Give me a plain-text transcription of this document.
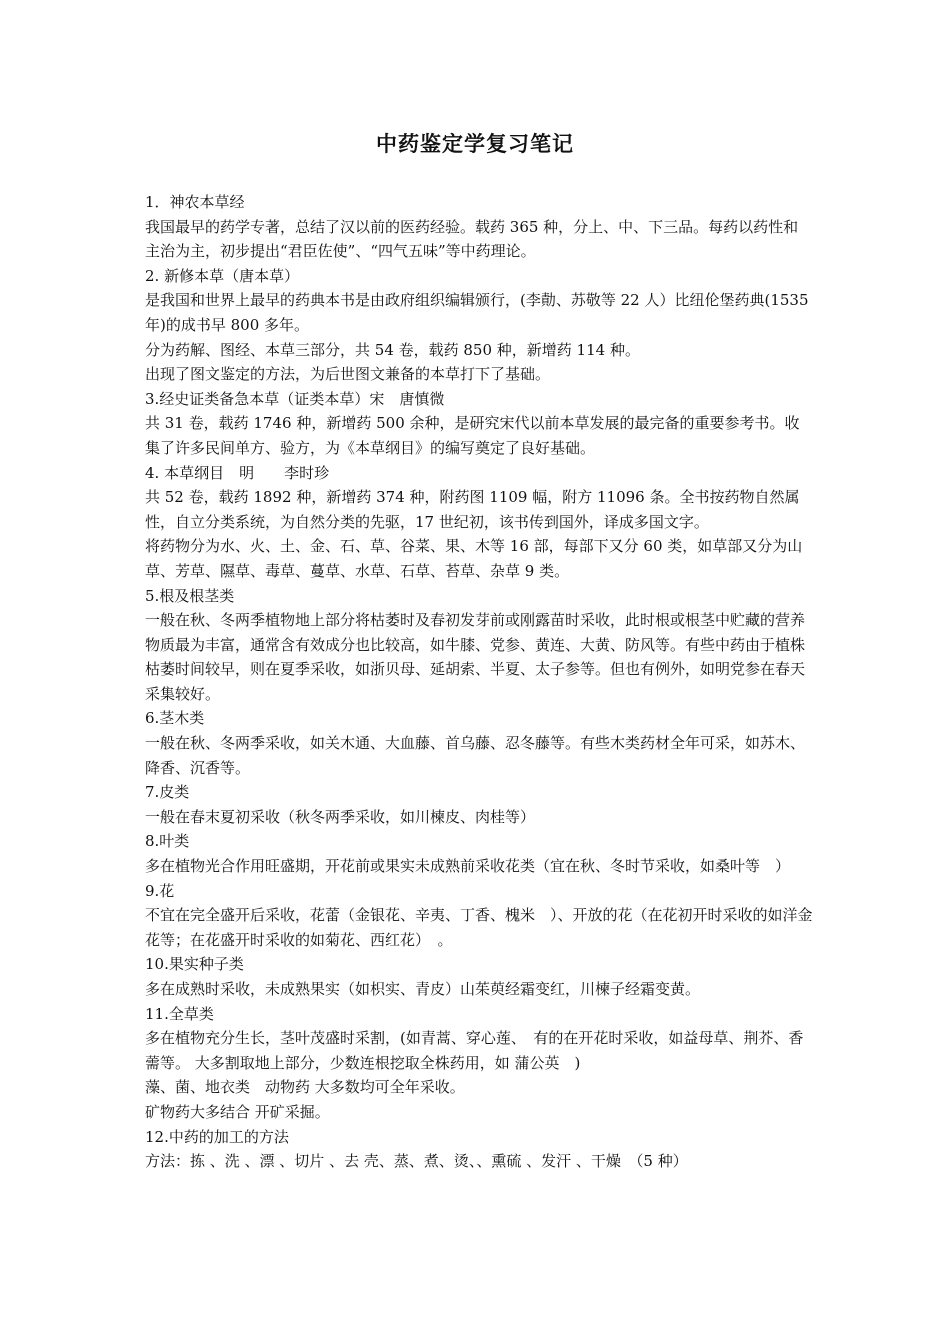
中药鉴定学复习笔记

1．神农本草经

我国最早的药学专著，总结了汉以前的医药经验。载药 365 种，分上、中、下三品。每药以药性和主治为主，初步提出“君臣佐使”、“四气五味”等中药理论。

2. 新修本草（唐本草）

是我国和世界上最早的药典本书是由政府组织编辑颁行，(李勣、苏敬等 22 人）比纽伦堡药典(1535 年)的成书早 800 多年。

分为药解、图经、本草三部分，共 54 卷，载药 850 种，新增药 114 种。

出现了图文鉴定的方法，为后世图文兼备的本草打下了基础。

3.经史证类备急本草（证类本草）宋　唐慎微

共 31 卷，载药 1746 种，新增药 500 余种，是研究宋代以前本草发展的最完备的重要参考书。收集了许多民间单方、验方，为《本草纲目》的编写奠定了良好基础。

4. 本草纲目　明　　李时珍

共 52 卷，载药 1892 种，新增药 374 种，附药图 1109 幅，附方 11096 条。全书按药物自然属性，自立分类系统，为自然分类的先驱，17 世纪初，该书传到国外，译成多国文字。

将药物分为水、火、土、金、石、草、谷菜、果、木等 16 部，每部下又分 60 类，如草部又分为山草、芳草、隰草、毒草、蔓草、水草、石草、苔草、杂草 9 类。

5.根及根茎类

一般在秋、冬两季植物地上部分将枯萎时及春初发芽前或刚露苗时采收，此时根或根茎中贮藏的营养物质最为丰富，通常含有效成分也比较高，如牛膝、党参、黄连、大黄、防风等。有些中药由于植株枯萎时间较早，则在夏季采收，如浙贝母、延胡索、半夏、太子参等。但也有例外，如明党参在春天采集较好。

6.茎木类

一般在秋、冬两季采收，如关木通、大血藤、首乌藤、忍冬藤等。有些木类药材全年可采，如苏木、降香、沉香等。

7.皮类

一般在春末夏初采收（秋冬两季采收，如川楝皮、肉桂等）

8.叶类

多在植物光合作用旺盛期，开花前或果实未成熟前采收花类（宜在秋、冬时节采收，如桑叶等　）

9.花

不宜在完全盛开后采收，花蕾（金银花、辛夷、丁香、槐米　）、开放的花（在花初开时采收的如洋金花等；在花盛开时采收的如菊花、西红花）　。

10.果实种子类

多在成熟时采收，未成熟果实（如枳实、青皮）山茱萸经霜变红，川楝子经霜变黄。

11.全草类

多在植物充分生长，茎叶茂盛时采割，(如青蒿、穿心莲、　有的在开花时采收，如益母草、荆芥、香薷等。 大多割取地上部分，少数连根挖取全株药用，如 蒲公英　)

藻、菌、地衣类　动物药 大多数均可全年采收。

矿物药大多结合 开矿采掘。

12.中药的加工的方法

方法：拣 、洗 、漂 、切片 、去 壳、蒸、煮、烫、、熏硫 、发汗 、干燥　（5 种）
